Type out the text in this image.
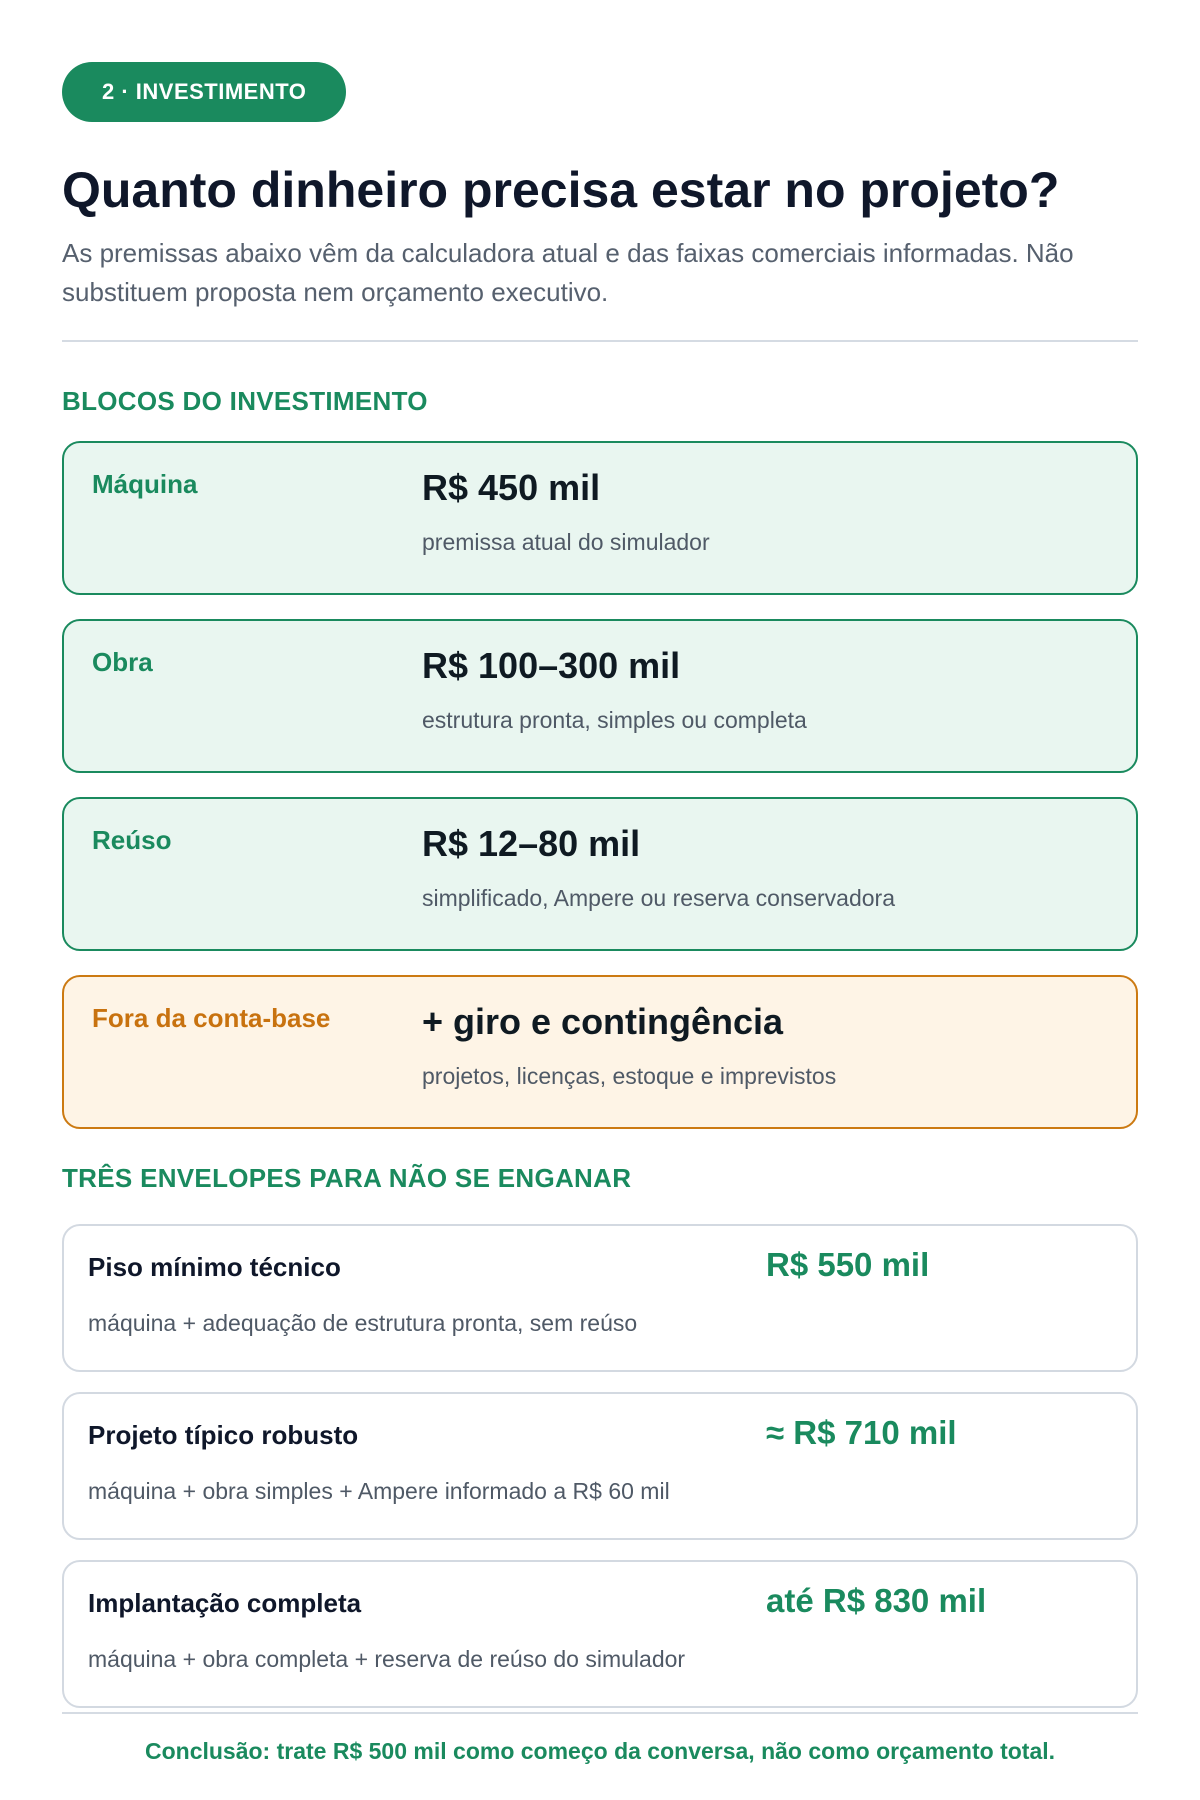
2 · INVESTIMENTO
Quanto dinheiro precisa estar no projeto?

As premissas abaixo vêm da calculadora atual e das faixas comerciais informadas. Não substituem proposta nem orçamento executivo.

BLOCOS DO INVESTIMENTO
Máquina	R$ 450 mil
premissa atual do simulador
Obra	R$ 100–300 mil
estrutura pronta, simples ou completa
Reúso	R$ 12–80 mil
simplificado, Ampere ou reserva conservadora
Fora da conta-base	+ giro e contingência
projetos, licenças, estoque e imprevistos
TRÊS ENVELOPES PARA NÃO SE ENGANAR
Piso mínimo técnico	R$ 550 mil
máquina + adequação de estrutura pronta, sem reúso
Projeto típico robusto	≈ R$ 710 mil
máquina + obra simples + Ampere informado a R$ 60 mil
Implantação completa	até R$ 830 mil
máquina + obra completa + reserva de reúso do simulador
Conclusão: trate R$ 500 mil como começo da conversa, não como orçamento total.
